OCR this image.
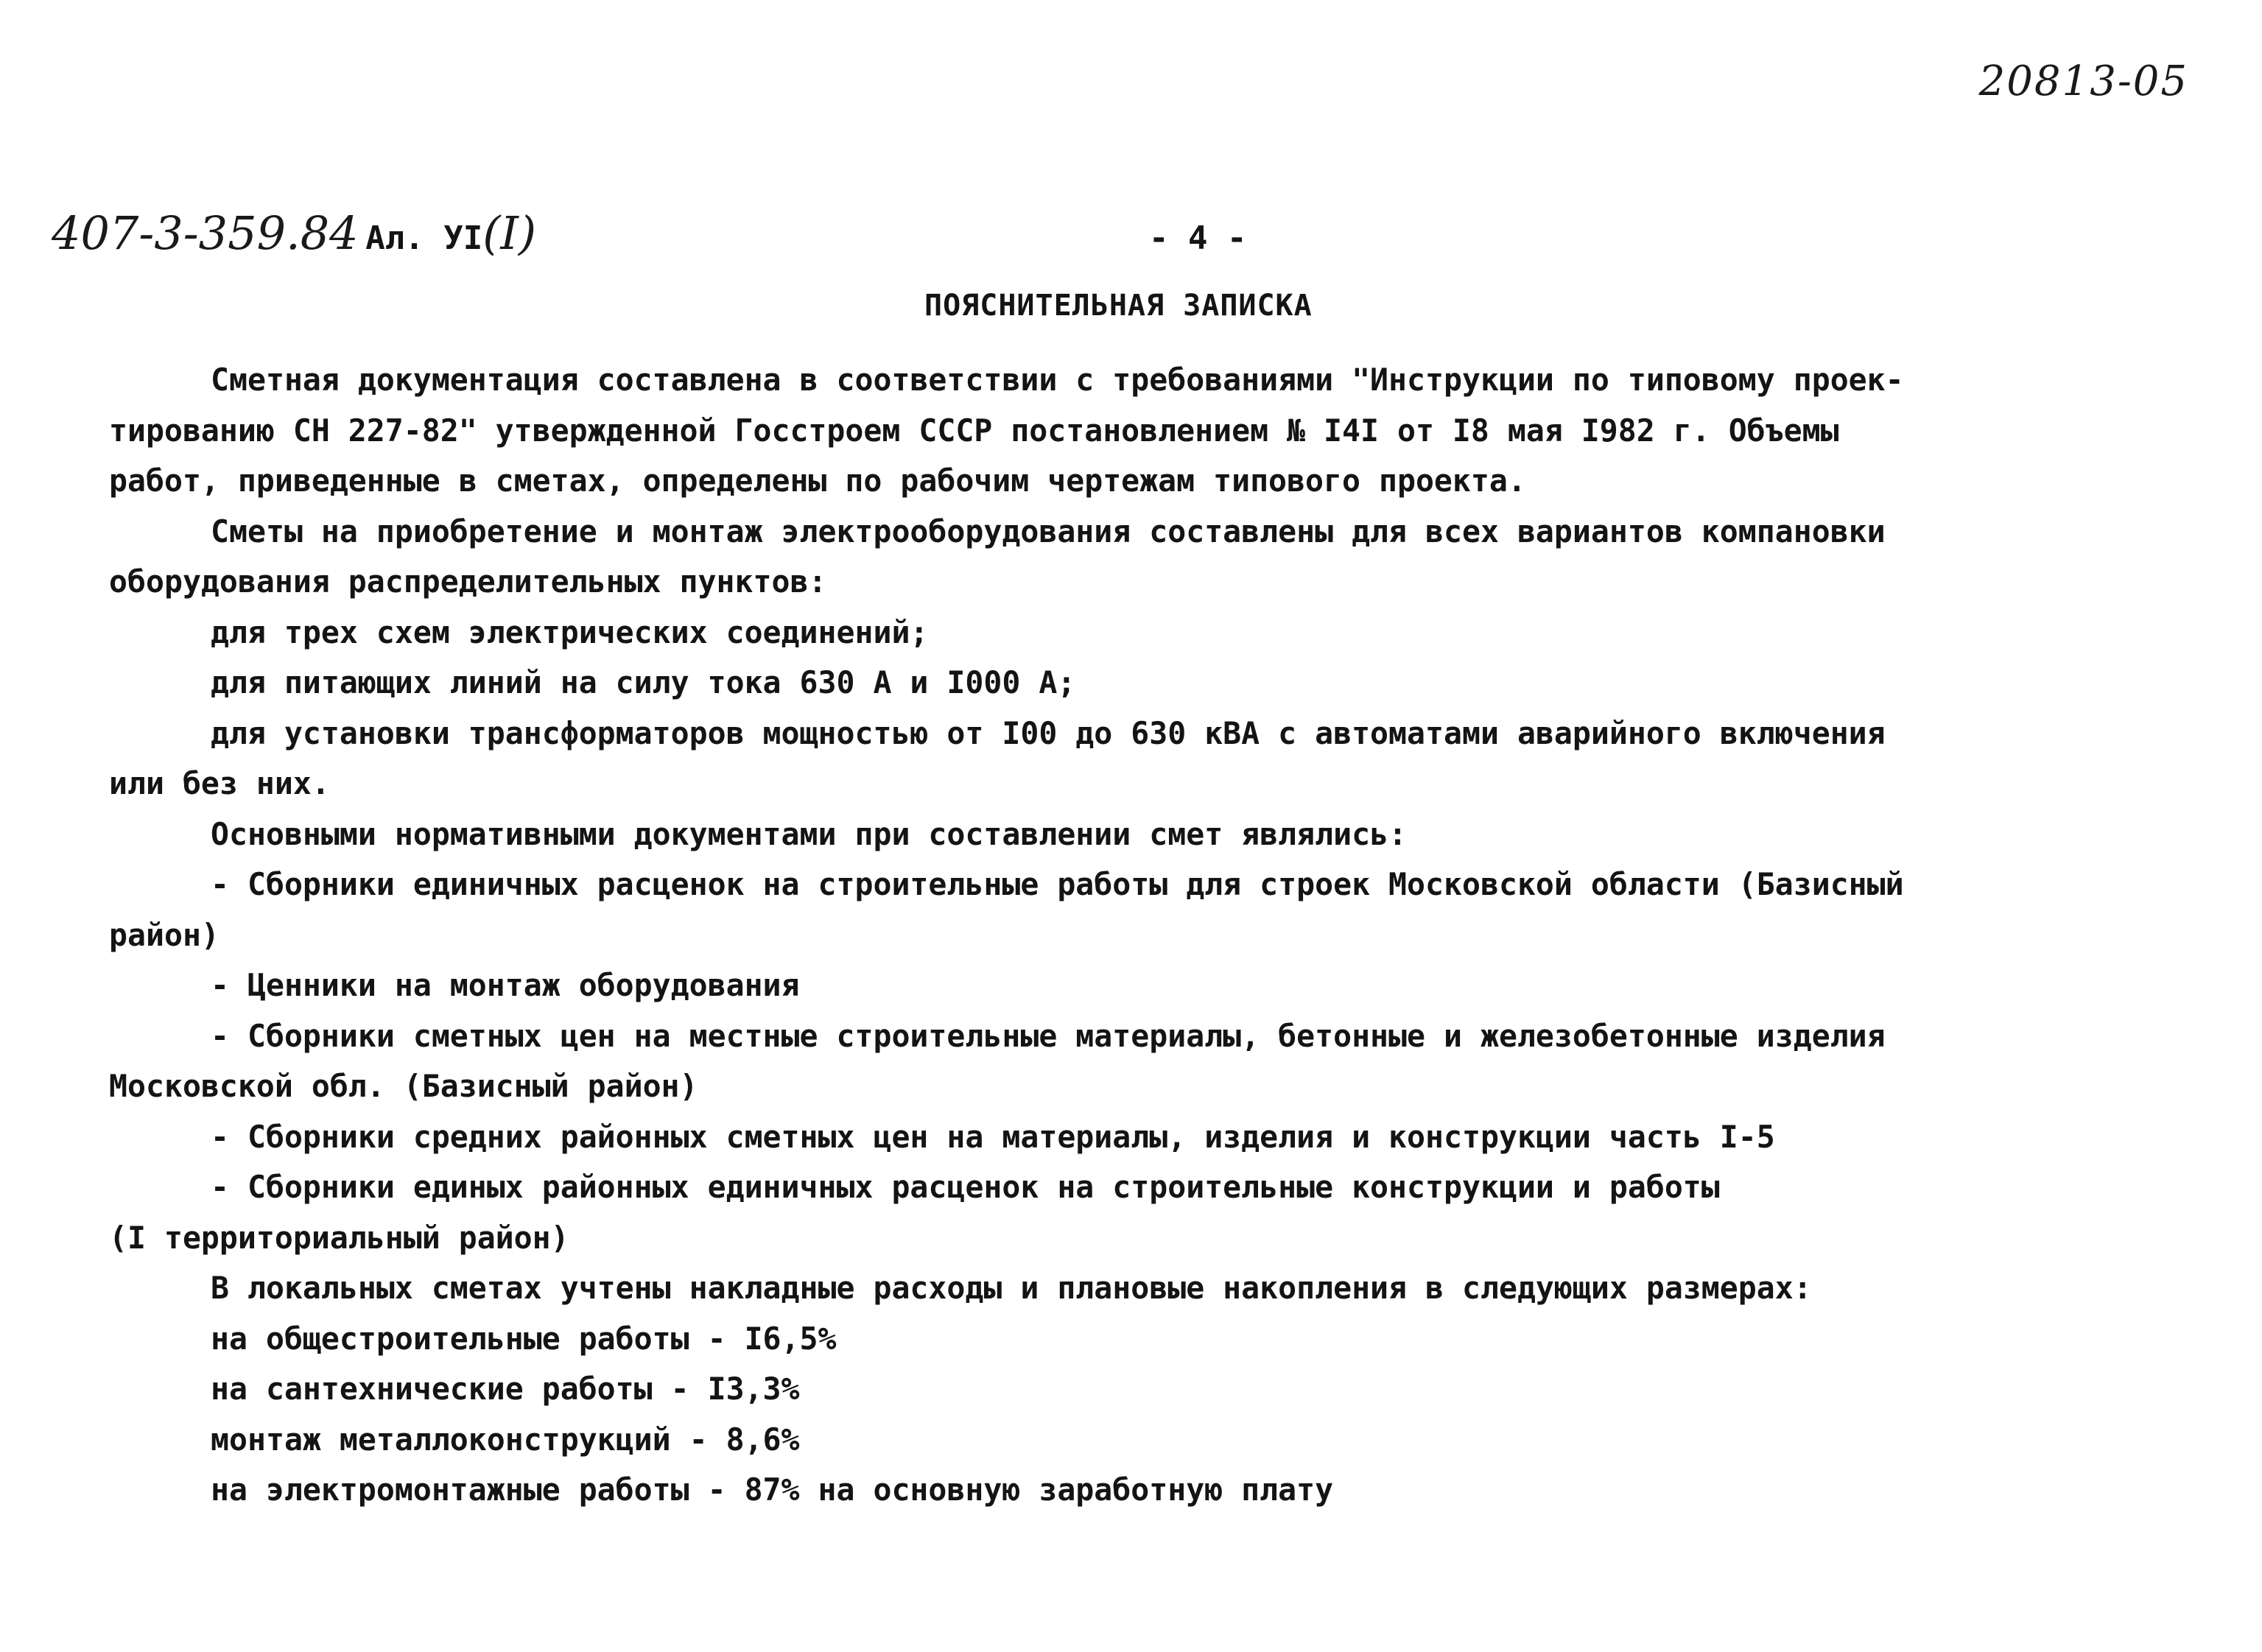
20813-05
407-3-359.84 Ал. УI(I)	- 4 -
ПОЯСНИТЕЛЬНАЯ ЗАПИСКА
Сметная документация составлена в соответствии с требованиями "Инструкции по типовому проек-
тированию СН 227-82" утвержденной Госстроем СССР постановлением № I4I от I8 мая I982 г. Объемы
работ, приведенные в сметах, определены по рабочим чертежам типового проекта.
Сметы на приобретение и монтаж электрооборудования составлены для всех вариантов компановки
оборудования распределительных пунктов:
для трех схем электрических соединений;
для питающих линий на силу тока 630 А и I000 А;
для установки трансформаторов мощностью от I00 до 630 кВА с автоматами аварийного включения
или без них.
Основными нормативными документами при составлении смет являлись:
- Сборники единичных расценок на строительные работы для строек Московской области (Базисный
район)
- Ценники на монтаж оборудования
- Сборники сметных цен на местные строительные материалы, бетонные и железобетонные изделия
Московской обл. (Базисный район)
- Сборники средних районных сметных цен на материалы, изделия и конструкции часть I-5
- Сборники единых районных единичных расценок на строительные конструкции и работы
(I территориальный район)
В локальных сметах учтены накладные расходы и плановые накопления в следующих размерах:
на общестроительные работы - I6,5%
на сантехнические работы - I3,3%
монтаж металлоконструкций - 8,6%
на электромонтажные работы - 87% на основную заработную плату
